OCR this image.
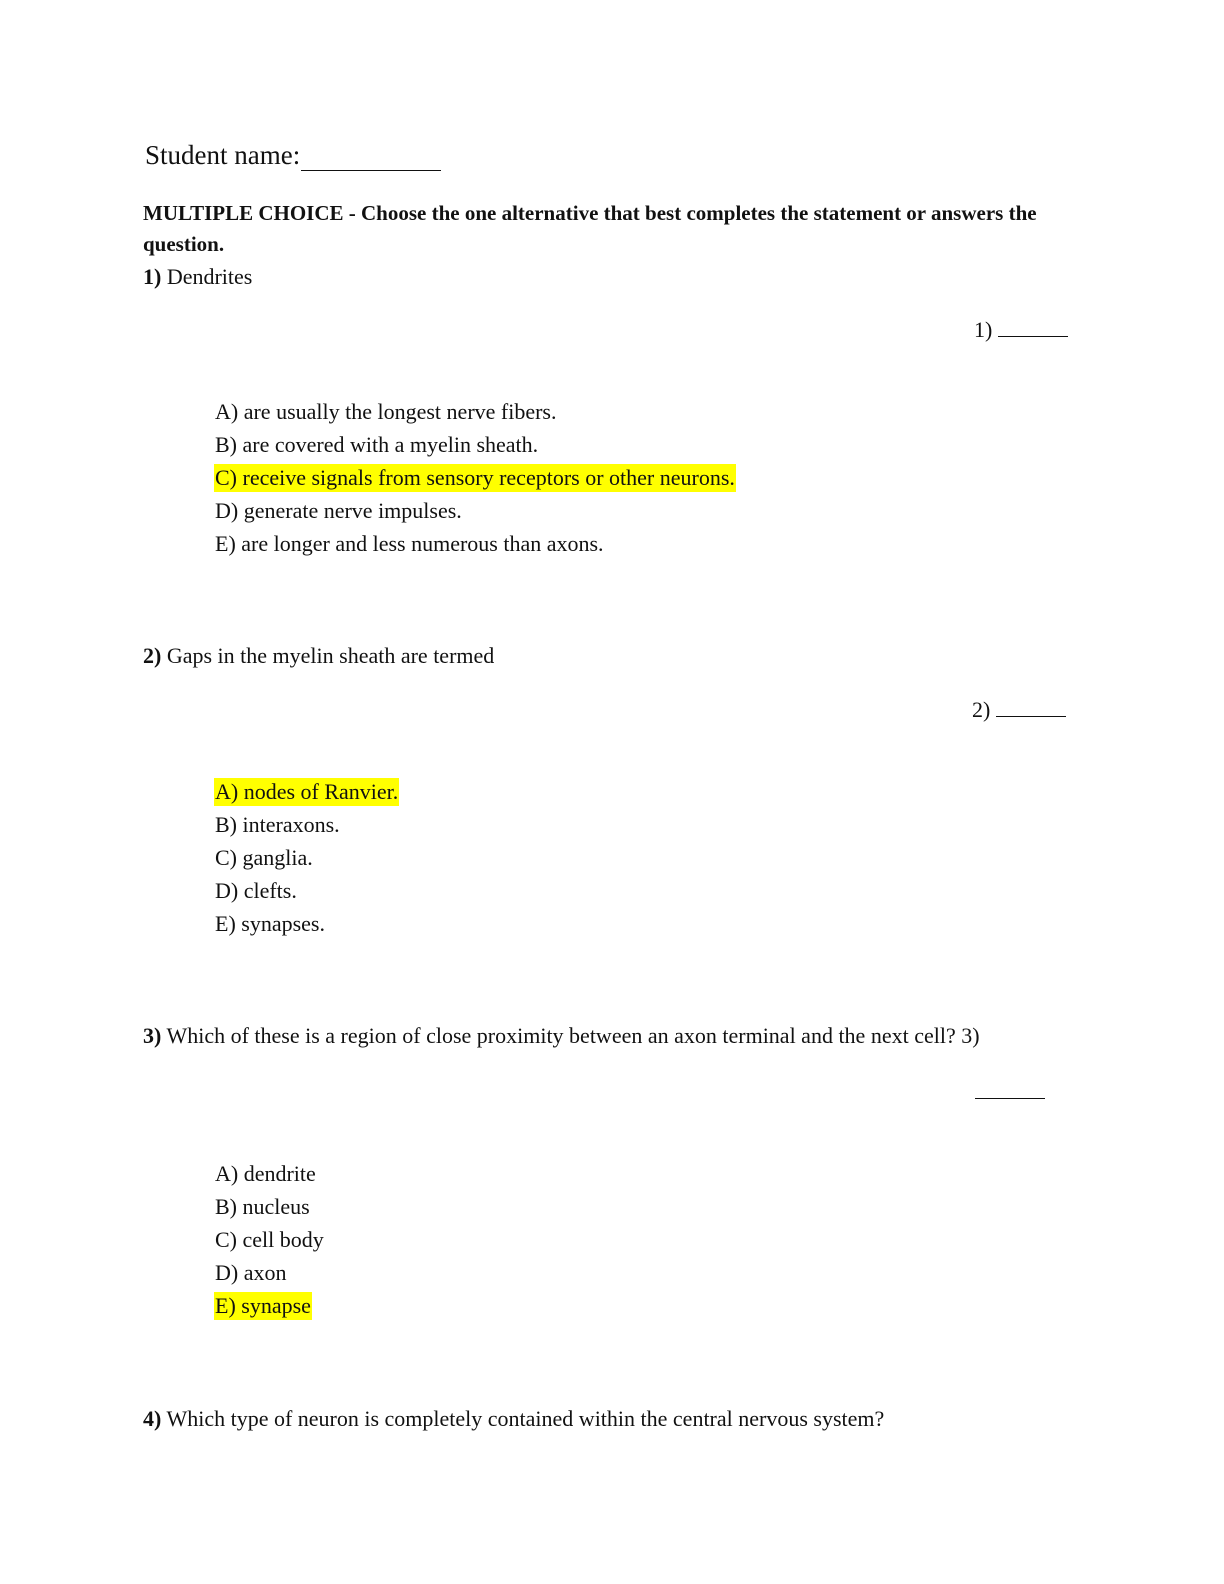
Student name:
MULTIPLE CHOICE - Choose the one alternative that best completes the statement or answers the question.
1) Dendrites
1)
A) are usually the longest nerve fibers.
B) are covered with a myelin sheath.
C) receive signals from sensory receptors or other neurons.
D) generate nerve impulses.
E) are longer and less numerous than axons.
2) Gaps in the myelin sheath are termed
2)
A) nodes of Ranvier.
B) interaxons.
C) ganglia.
D) clefts.
E) synapses.
3) Which of these is a region of close proximity between an axon terminal and the next cell? 3)
A) dendrite
B) nucleus
C) cell body
D) axon
E) synapse
4) Which type of neuron is completely contained within the central nervous system?
